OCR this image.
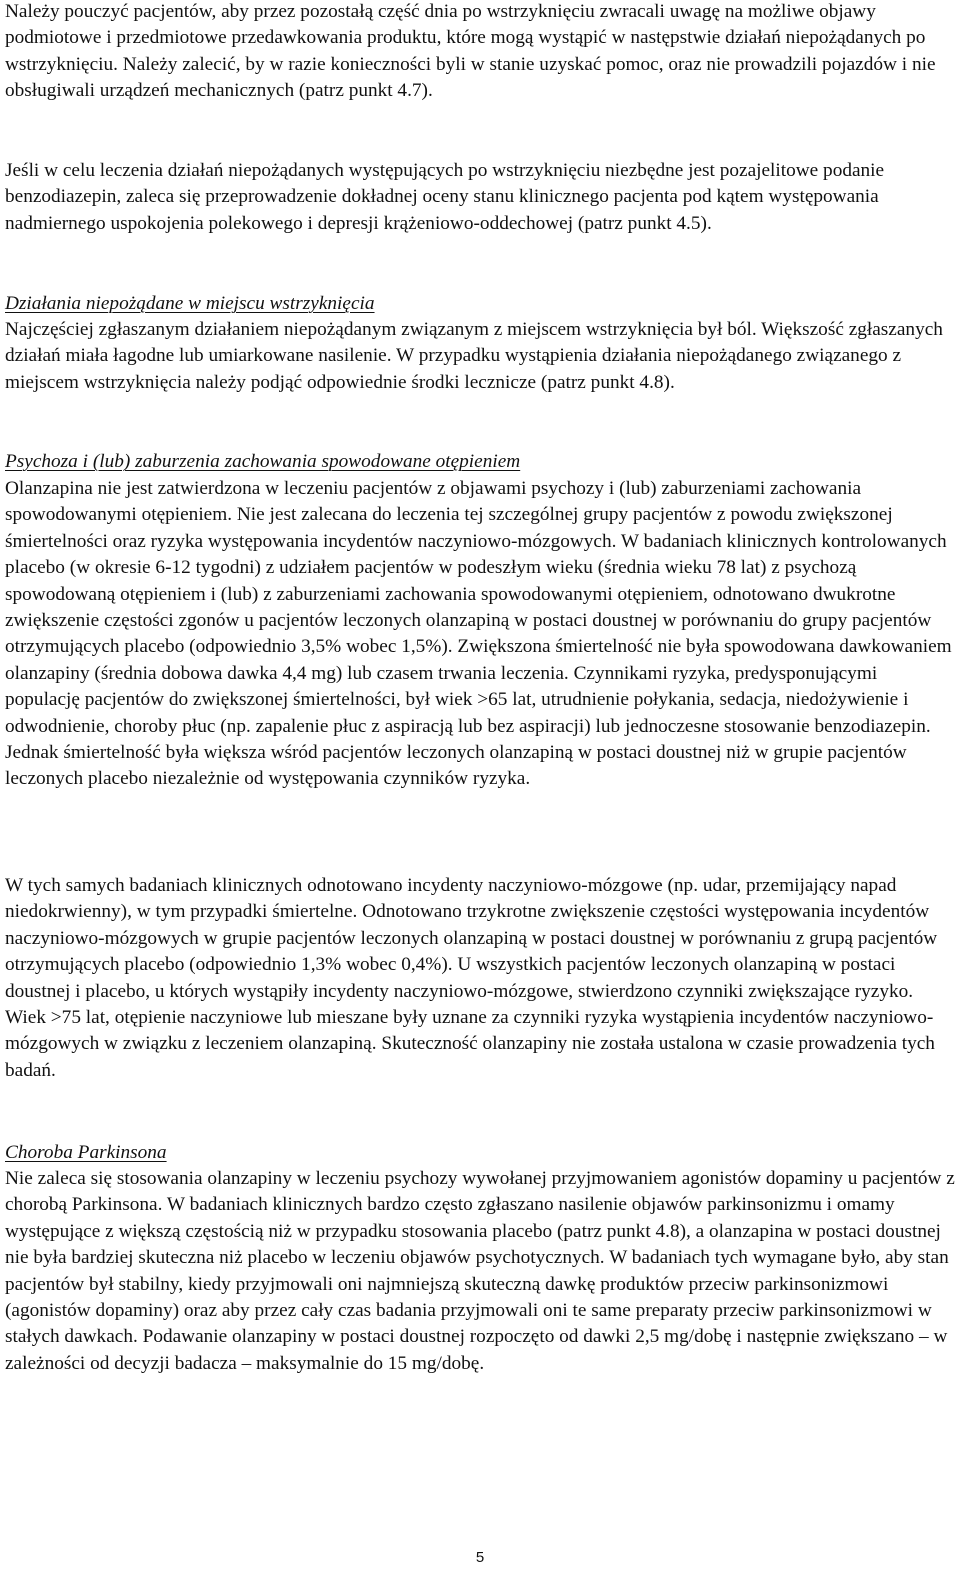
Należy pouczyć pacjentów, aby przez pozostałą część dnia po wstrzyknięciu zwracali uwagę na możliwe objawy podmiotowe i przedmiotowe przedawkowania produktu, które mogą wystąpić w następstwie działań niepożądanych po wstrzyknięciu. Należy zalecić, by w razie konieczności byli w stanie uzyskać pomoc, oraz nie prowadzili pojazdów i nie obsługiwali urządzeń mechanicznych (patrz punkt 4.7).

Jeśli w celu leczenia działań niepożądanych występujących po wstrzyknięciu niezbędne jest pozajelitowe podanie benzodiazepin, zaleca się przeprowadzenie dokładnej oceny stanu klinicznego pacjenta pod kątem występowania nadmiernego uspokojenia polekowego i depresji krążeniowo-oddechowej (patrz punkt 4.5).

Działania niepożądane w miejscu wstrzyknięcia

Najczęściej zgłaszanym działaniem niepożądanym związanym z miejscem wstrzyknięcia był ból. Większość zgłaszanych działań miała łagodne lub umiarkowane nasilenie. W przypadku wystąpienia działania niepożądanego związanego z miejscem wstrzyknięcia należy podjąć odpowiednie środki lecznicze (patrz punkt 4.8).

Psychoza i (lub) zaburzenia zachowania spowodowane otępieniem

Olanzapina nie jest zatwierdzona w leczeniu pacjentów z objawami psychozy i (lub) zaburzeniami zachowania spowodowanymi otępieniem. Nie jest zalecana do leczenia tej szczególnej grupy pacjentów z powodu zwiększonej śmiertelności oraz ryzyka występowania incydentów naczyniowo-mózgowych. W badaniach klinicznych kontrolowanych placebo (w okresie 6-12 tygodni) z udziałem pacjentów w podeszłym wieku (średnia wieku 78 lat) z psychozą spowodowaną otępieniem i (lub) z zaburzeniami zachowania spowodowanymi otępieniem, odnotowano dwukrotne zwiększenie częstości zgonów u pacjentów leczonych olanzapiną w postaci doustnej w porównaniu do grupy pacjentów otrzymujących placebo (odpowiednio 3,5% wobec 1,5%). Zwiększona śmiertelność nie była spowodowana dawkowaniem olanzapiny (średnia dobowa dawka 4,4 mg) lub czasem trwania leczenia. Czynnikami ryzyka, predysponującymi populację pacjentów do zwiększonej śmiertelności, był wiek >65 lat, utrudnienie połykania, sedacja, niedożywienie i odwodnienie, choroby płuc (np. zapalenie płuc z aspiracją lub bez aspiracji) lub jednoczesne stosowanie benzodiazepin. Jednak śmiertelność była większa wśród pacjentów leczonych olanzapiną w postaci doustnej niż w grupie pacjentów leczonych placebo niezależnie od występowania czynników ryzyka.

W tych samych badaniach klinicznych odnotowano incydenty naczyniowo-mózgowe (np. udar, przemijający napad niedokrwienny), w tym przypadki śmiertelne. Odnotowano trzykrotne zwiększenie częstości występowania incydentów naczyniowo-mózgowych w grupie pacjentów leczonych olanzapiną w postaci doustnej w porównaniu z grupą pacjentów otrzymujących placebo (odpowiednio 1,3% wobec 0,4%). U wszystkich pacjentów leczonych olanzapiną w postaci doustnej i placebo, u których wystąpiły incydenty naczyniowo-mózgowe, stwierdzono czynniki zwiększające ryzyko. Wiek >75 lat, otępienie naczyniowe lub mieszane były uznane za czynniki ryzyka wystąpienia incydentów naczyniowo-mózgowych w związku z leczeniem olanzapiną. Skuteczność olanzapiny nie została ustalona w czasie prowadzenia tych badań.

Choroba Parkinsona

Nie zaleca się stosowania olanzapiny w leczeniu psychozy wywołanej przyjmowaniem agonistów dopaminy u pacjentów z chorobą Parkinsona. W badaniach klinicznych bardzo często zgłaszano nasilenie objawów parkinsonizmu i omamy występujące z większą częstością niż w przypadku stosowania placebo (patrz punkt 4.8), a olanzapina w postaci doustnej nie była bardziej skuteczna niż placebo w leczeniu objawów psychotycznych. W badaniach tych wymagane było, aby stan pacjentów był stabilny, kiedy przyjmowali oni najmniejszą skuteczną dawkę produktów przeciw parkinsonizmowi (agonistów dopaminy) oraz aby przez cały czas badania przyjmowali oni te same preparaty przeciw parkinsonizmowi w stałych dawkach. Podawanie olanzapiny w postaci doustnej rozpoczęto od dawki 2,5 mg/dobę i następnie zwiększano – w zależności od decyzji badacza – maksymalnie do 15 mg/dobę.

5
